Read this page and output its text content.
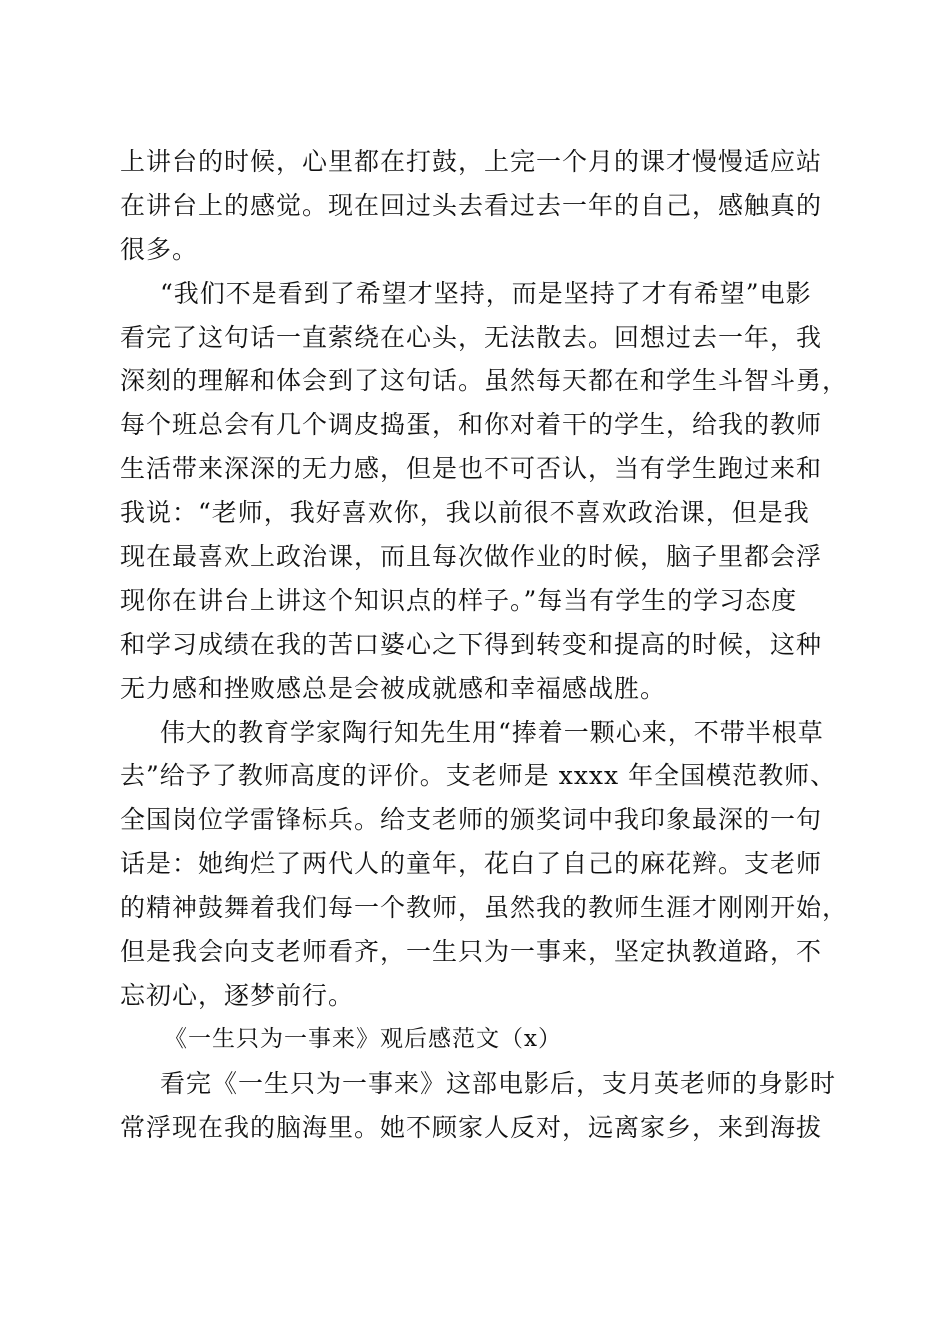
上讲台的时候，心里都在打鼓，上完一个月的课才慢慢适应站
在讲台上的感觉。现在回过头去看过去一年的自己，感触真的
很多。
“我们不是看到了希望才坚持，而是坚持了才有希望”电影
看完了这句话一直萦绕在心头，无法散去。回想过去一年，我
深刻的理解和体会到了这句话。虽然每天都在和学生斗智斗勇，
每个班总会有几个调皮捣蛋，和你对着干的学生，给我的教师
生活带来深深的无力感，但是也不可否认，当有学生跑过来和
我说：“老师，我好喜欢你，我以前很不喜欢政治课，但是我
现在最喜欢上政治课，而且每次做作业的时候，脑子里都会浮
现你在讲台上讲这个知识点的样子。”每当有学生的学习态度
和学习成绩在我的苦口婆心之下得到转变和提高的时候，这种
无力感和挫败感总是会被成就感和幸福感战胜。
伟大的教育学家陶行知先生用“捧着一颗心来，不带半根草
去”给予了教师高度的评价。支老师是 xxxx 年全国模范教师、
全国岗位学雷锋标兵。给支老师的颁奖词中我印象最深的一句
话是：她绚烂了两代人的童年，花白了自己的麻花辫。支老师
的精神鼓舞着我们每一个教师，虽然我的教师生涯才刚刚开始，
但是我会向支老师看齐，一生只为一事来，坚定执教道路，不
忘初心，逐梦前行。
《一生只为一事来》观后感范文（x）
看完《一生只为一事来》这部电影后，支月英老师的身影时
常浮现在我的脑海里。她不顾家人反对，远离家乡，来到海拔
